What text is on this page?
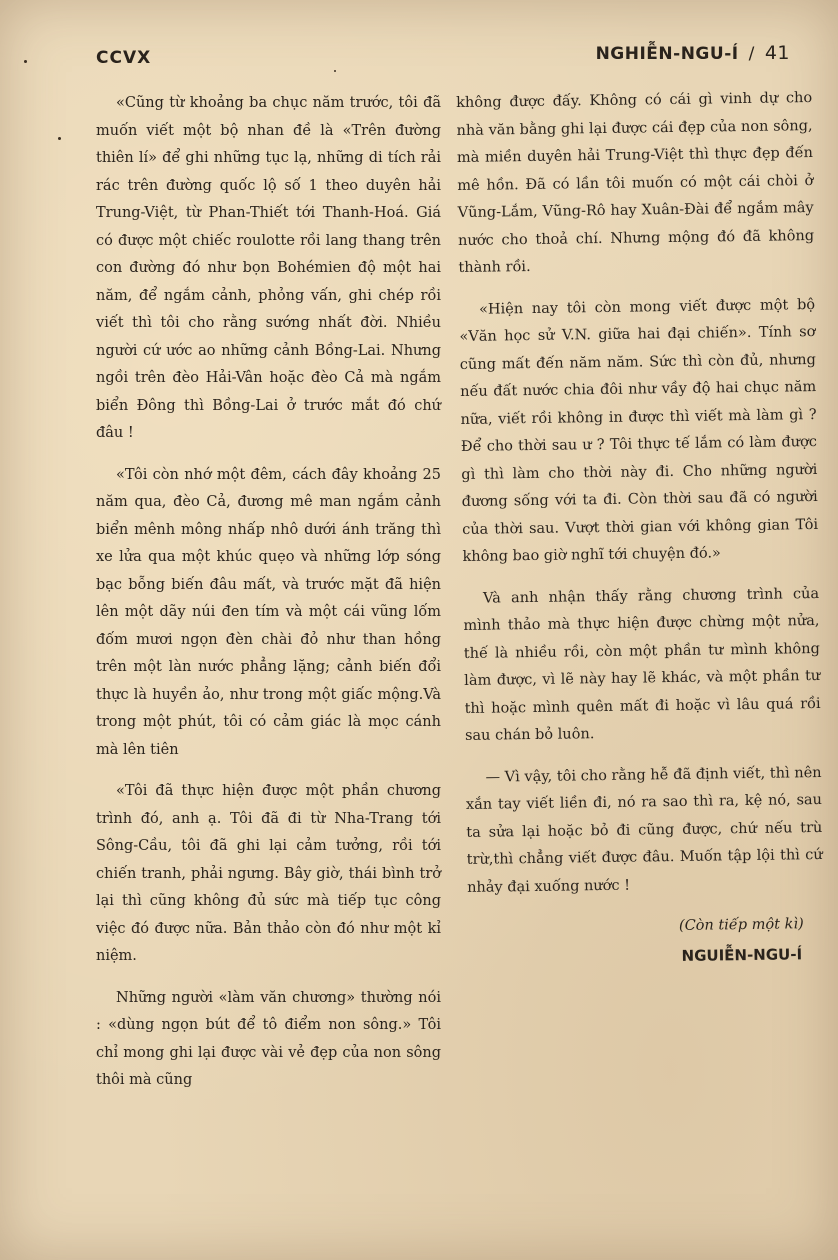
CCVX	NGHIỄN-NGU-Í / 41

«Cũng từ khoảng ba chục năm trước, tôi đã muốn viết một bộ nhan đề là «Trên đường thiên lí» để ghi những tục lạ, những di tích rải rác trên đường quốc lộ số 1 theo duyên hải Trung-Việt, từ Phan-Thiết tới Thanh-Hoá. Giá có được một chiếc roulotte rồi lang thang trên con đường đó như bọn Bohémien độ một hai năm, để ngắm cảnh, phỏng vấn, ghi chép rồi viết thì tôi cho rằng sướng nhất đời. Nhiều người cứ ước ao những cảnh Bồng-Lai. Nhưng ngồi trên đèo Hải-Vân hoặc đèo Cả mà ngắm biển Đông thì Bồng-Lai ở trước mắt đó chứ đâu !

«Tôi còn nhớ một đêm, cách đây khoảng 25 năm qua, đèo Cả, đương mê man ngắm cảnh biển mênh mông nhấp nhô dưới ánh trăng thì xe lửa qua một khúc quẹo và những lớp sóng bạc bỗng biến đâu mất, và trước mặt đã hiện lên một dãy núi đen tím và một cái vũng lốm đốm mươi ngọn đèn chài đỏ như than hồng trên một làn nước phẳng lặng; cảnh biến đổi thực là huyền ảo, như trong một giấc mộng.Và trong một phút, tôi có cảm giác là mọc cánh mà lên tiên

«Tôi đã thực hiện được một phần chương trình đó, anh ạ. Tôi đã đi từ Nha-Trang tới Sông-Cầu, tôi đã ghi lại cảm tưởng, rồi tới chiến tranh, phải ngưng. Bây giờ, thái bình trở lại thì cũng không đủ sức mà tiếp tục công việc đó được nữa. Bản thảo còn đó như một kỉ niệm.

Những người «làm văn chương» thường nói : «dùng ngọn bút để tô điểm non sông.» Tôi chỉ mong ghi lại được vài vẻ đẹp của non sông thôi mà cũng

không được đấy. Không có cái gì vinh dự cho nhà văn bằng ghi lại được cái đẹp của non sông, mà miền duyên hải Trung-Việt thì thực đẹp đến mê hồn. Đã có lần tôi muốn có một cái chòi ở Vũng-Lắm, Vũng-Rô hay Xuân-Đài để ngắm mây nước cho thoả chí. Nhưng mộng đó đã không thành rồi.

«Hiện nay tôi còn mong viết được một bộ «Văn học sử V.N. giữa hai đại chiến». Tính sơ cũng mất đến năm năm. Sức thì còn đủ, nhưng nếu đất nước chia đôi như vầy độ hai chục năm nữa, viết rồi không in được thì viết mà làm gì ? Để cho thời sau ư ? Tôi thực tế lắm có làm được gì thì làm cho thời này đi. Cho những người đương sống với ta đi. Còn thời sau đã có người của thời sau. Vượt thời gian với không gian Tôi không bao giờ nghĩ tới chuyện đó.»

Và anh nhận thấy rằng chương trình của mình thảo mà thực hiện được chừng một nửa, thế là nhiều rồi, còn một phần tư mình không làm được, vì lẽ này hay lẽ khác, và một phần tư thì hoặc mình quên mất đi hoặc vì lâu quá rồi sau chán bỏ luôn.

— Vì vậy, tôi cho rằng hễ đã định viết, thì nên xắn tay viết liền đi, nó ra sao thì ra, kệ nó, sau ta sửa lại hoặc bỏ đi cũng được, chứ nếu trù trừ,thì chẳng viết được đâu. Muốn tập lội thì cứ nhảy đại xuống nước !

(Còn tiếp một kì)
NGUIỄN-NGU-Í
